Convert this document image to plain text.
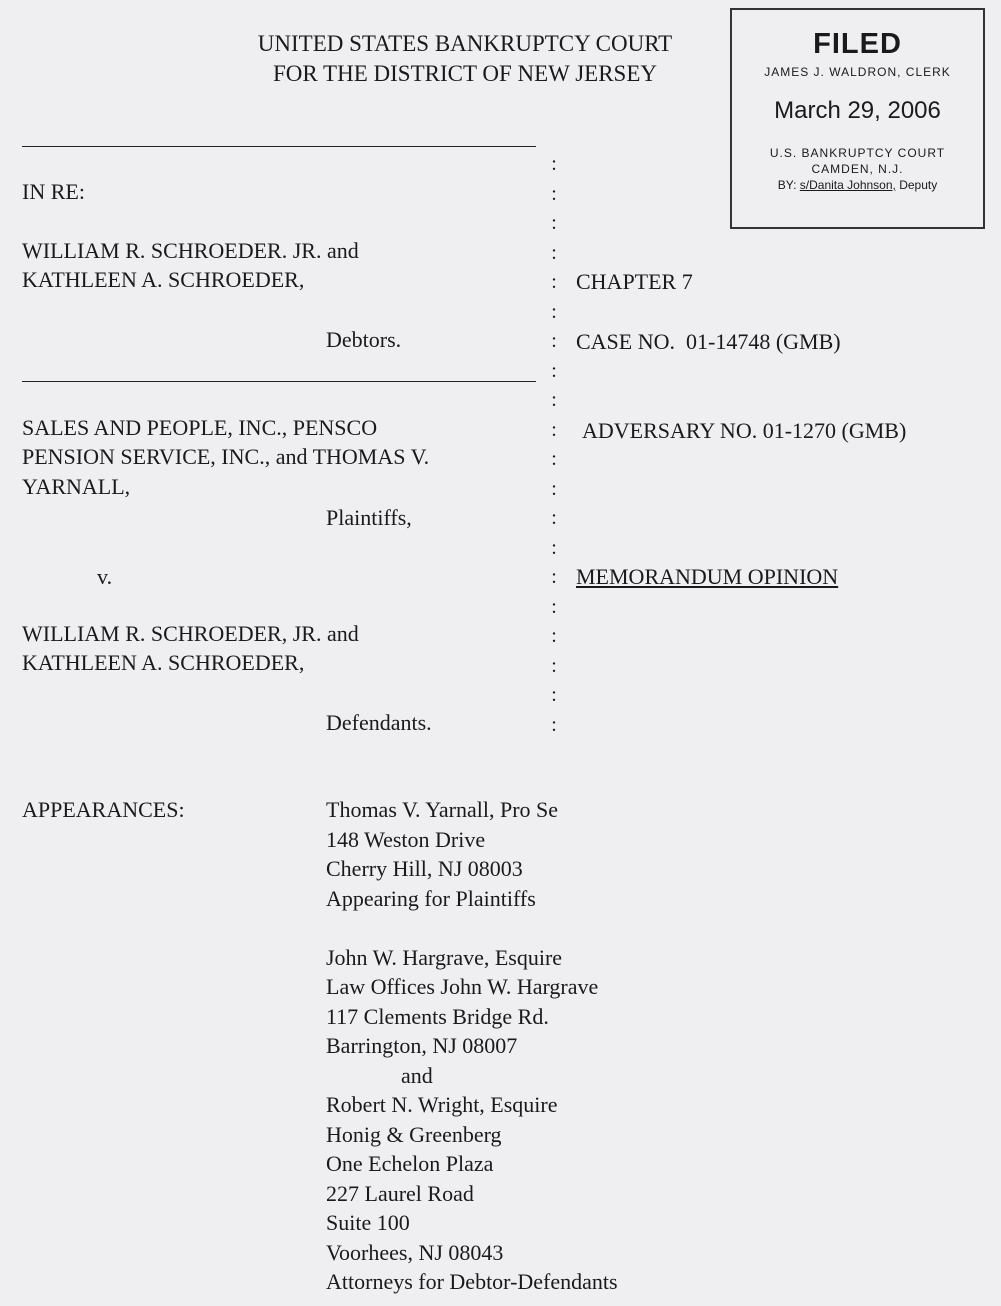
UNITED STATES BANKRUPTCY COURT
FOR THE DISTRICT OF NEW JERSEY
FILED
JAMES J. WALDRON, CLERK
March 29, 2006
U.S. BANKRUPTCY COURT
CAMDEN, N.J.
BY: s/Danita Johnson, Deputy
:
:
:
:
:
:
:
:
:
:
:
:
:
:
:
:
:
:
:
:
IN RE:
WILLIAM R. SCHROEDER. JR. and
KATHLEEN A. SCHROEDER,
Debtors.
SALES AND PEOPLE, INC., PENSCO
PENSION SERVICE, INC., and THOMAS V.
YARNALL,
Plaintiffs,
v.
WILLIAM R. SCHROEDER, JR. and
KATHLEEN A. SCHROEDER,
Defendants.
CHAPTER 7
CASE NO.  01-14748 (GMB)
ADVERSARY NO. 01-1270 (GMB)
MEMORANDUM OPINION
APPEARANCES:	Thomas V. Yarnall, Pro Se
148 Weston Drive
Cherry Hill, NJ 08003
Appearing for Plaintiffs
John W. Hargrave, Esquire
Law Offices John W. Hargrave
117 Clements Bridge Rd.
Barrington, NJ 08007
and
Robert N. Wright, Esquire
Honig & Greenberg
One Echelon Plaza
227 Laurel Road
Suite 100
Voorhees, NJ 08043
Attorneys for Debtor-Defendants
